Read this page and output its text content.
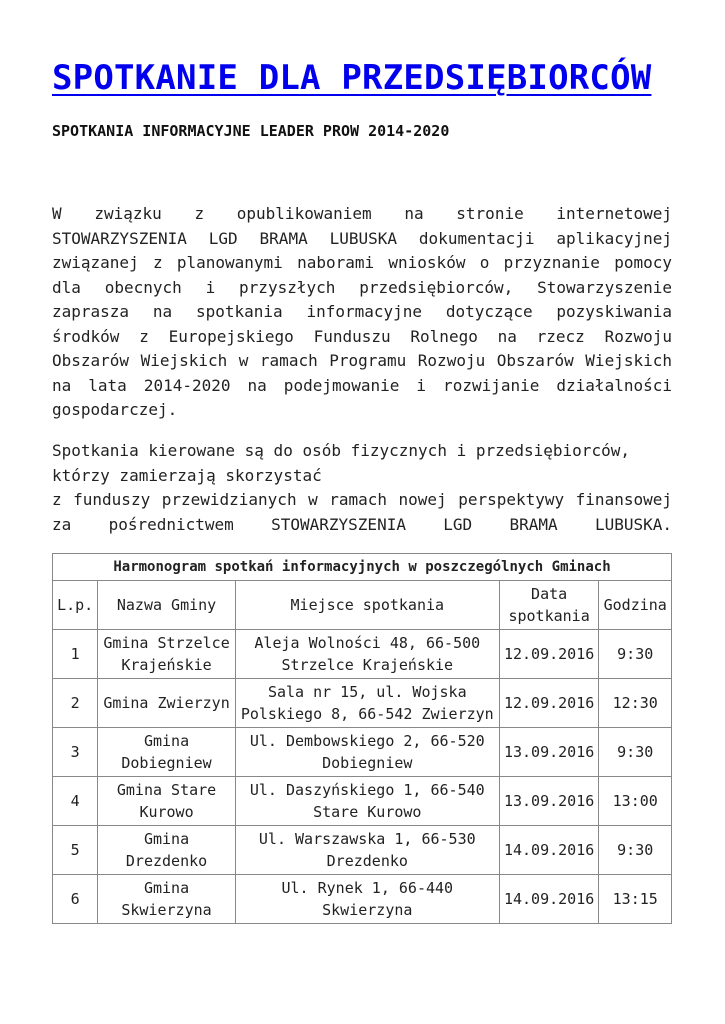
SPOTKANIE DLA PRZEDSIĘBIORCÓW
SPOTKANIA INFORMACYJNE LEADER PROW 2014-2020

W związku z opublikowaniem na stronie internetowej STOWARZYSZENIA LGD BRAMA LUBUSKA dokumentacji aplikacyjnej związanej z planowanymi naborami wniosków o przyznanie pomocy dla obecnych i przyszłych przedsiębiorców, Stowarzyszenie zaprasza na spotkania informacyjne dotyczące pozyskiwania środków z Europejskiego Funduszu Rolnego na rzecz Rozwoju Obszarów Wiejskich w ramach Programu Rozwoju Obszarów Wiejskich na lata 2014-2020 na podejmowanie i rozwijanie działalności gospodarczej.

Spotkania kierowane są do osób fizycznych i przedsiębiorców,
którzy zamierzają skorzystać
z funduszy przewidzianych w ramach nowej perspektywy finansowej za pośrednictwem STOWARZYSZENIA LGD BRAMA LUBUSKA.

Harmonogram spotkań informacyjnych w poszczególnych Gminach				
L.p.	Nazwa Gminy	Miejsce spotkania	Data spotkania	Godzina
1	Gmina Strzelce Krajeńskie	Aleja Wolności 48, 66-500 Strzelce Krajeńskie	12.09.2016	9:30
2	Gmina Zwierzyn	Sala nr 15, ul. Wojska Polskiego 8, 66-542 Zwierzyn	12.09.2016	12:30
3	Gmina Dobiegniew	Ul. Dembowskiego 2, 66-520 Dobiegniew	13.09.2016	9:30
4	Gmina Stare Kurowo	Ul. Daszyńskiego 1, 66-540 Stare Kurowo	13.09.2016	13:00
5	Gmina Drezdenko	Ul. Warszawska 1, 66-530 Drezdenko	14.09.2016	9:30
6	Gmina Skwierzyna	Ul. Rynek 1, 66-440 Skwierzyna	14.09.2016	13:15
